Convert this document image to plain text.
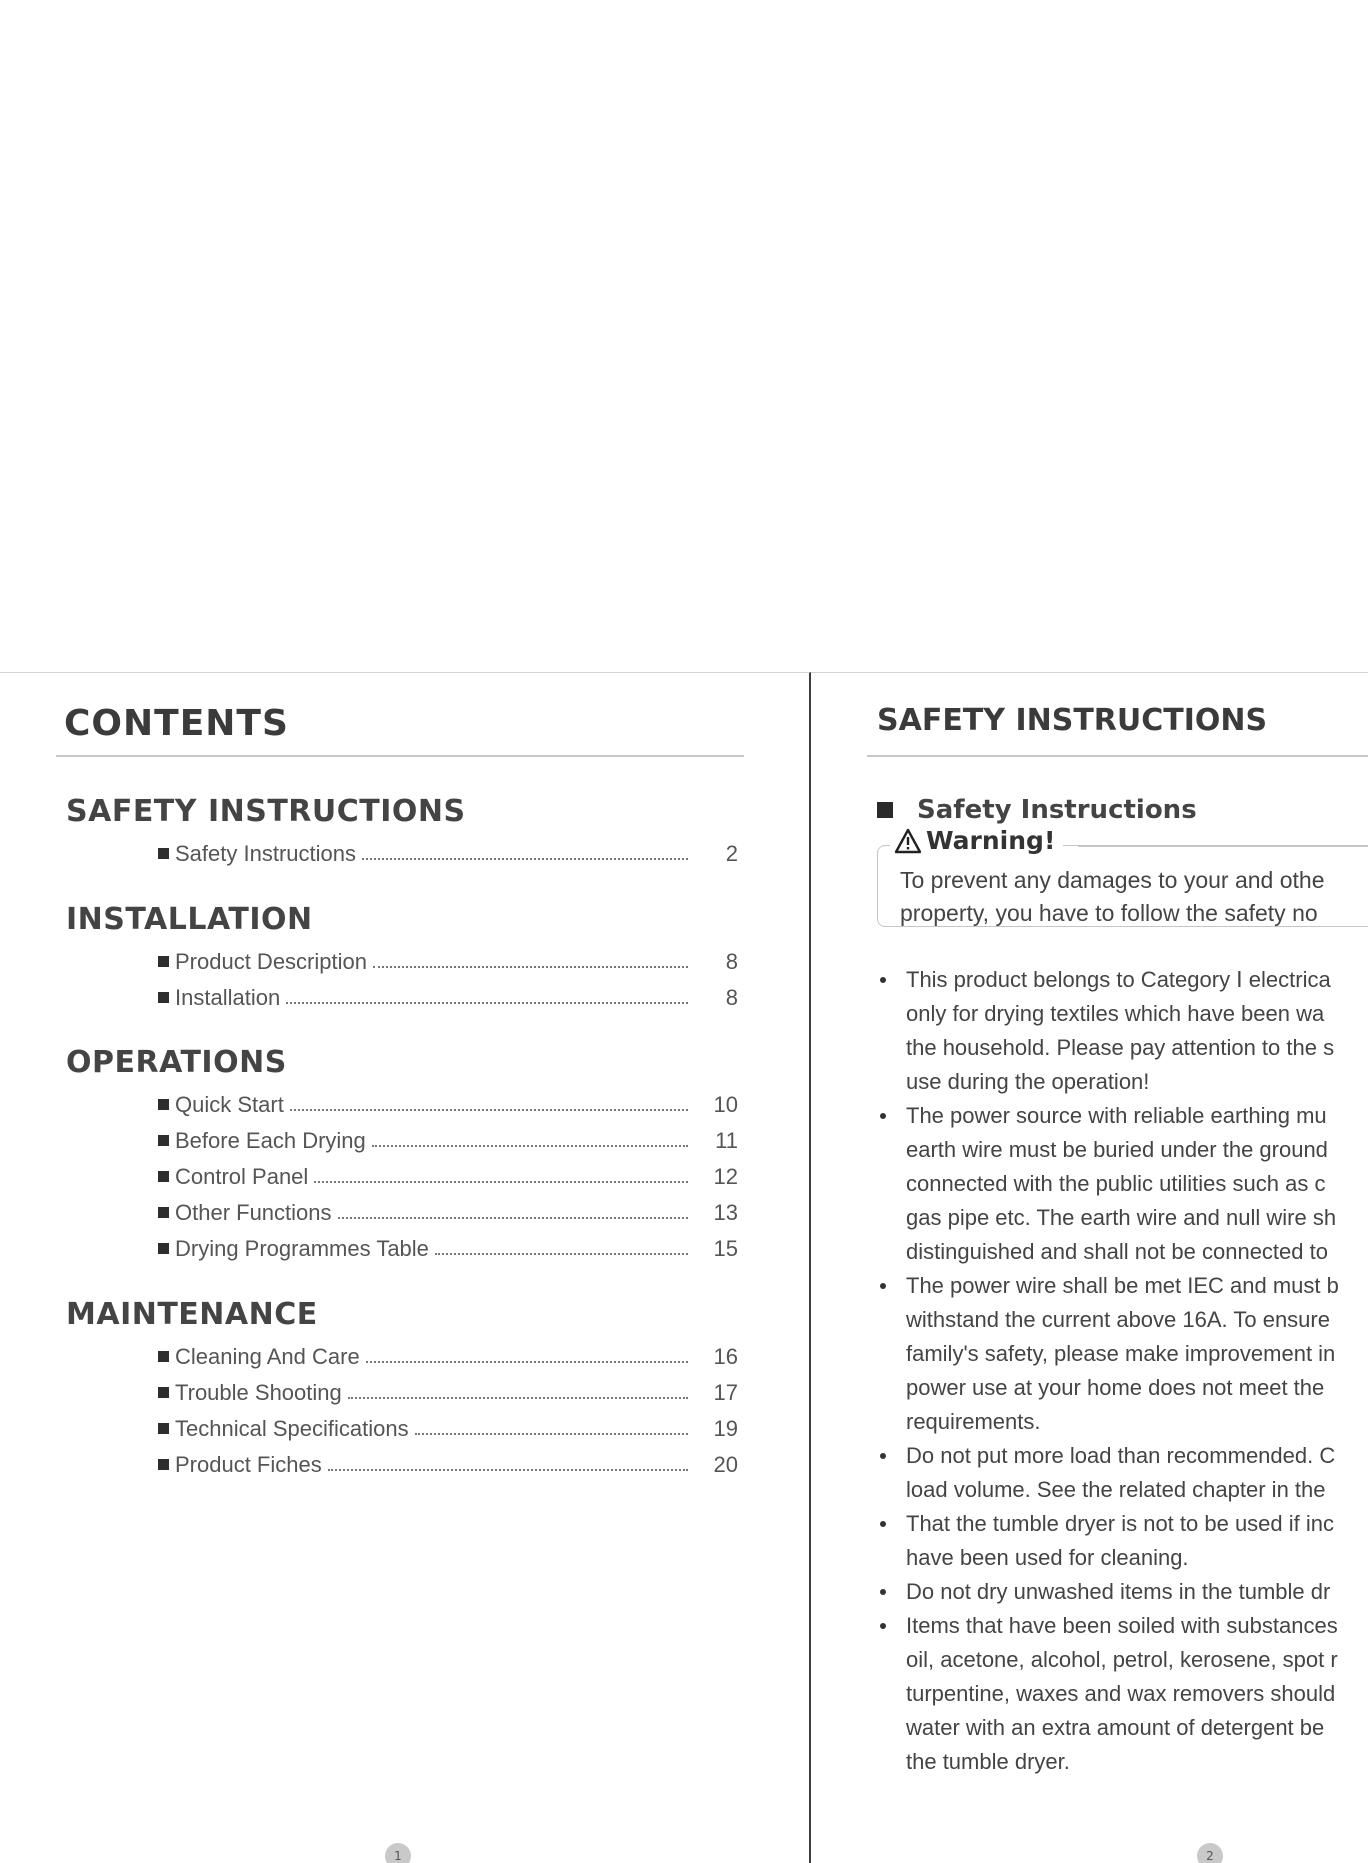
CONTENTS
SAFETY INSTRUCTIONS
Safety Instructions	2
INSTALLATION
Product Description	8
Installation	8
OPERATIONS
Quick Start	10
Before Each Drying	11
Control Panel	12
Other Functions	13
Drying Programmes Table	15
MAINTENANCE
Cleaning And Care	16
Trouble Shooting	17
Technical Specifications	19
Product Fiches	20
1
SAFETY INSTRUCTIONS
Safety Instructions
Warning!

To prevent any damages to your and othe
property, you have to follow the safety no

This product belongs to Category Ⅰ electrica
only for drying textiles which have been wa
the household. Please pay attention to the s
use during the operation!
The power source with reliable earthing mu
earth wire must be buried under the ground
connected with the public utilities such as c
gas pipe etc. The earth wire and null wire sh
distinguished and shall not be connected to
The power wire shall be met IEC and must b
withstand the current above 16A. To ensure
family's safety, please make improvement in
power use at your home does not meet the
requirements.
Do not put more load than recommended. C
load volume. See the related chapter in the
That the tumble dryer is not to be used if inc
have been used for cleaning.
Do not dry unwashed items in the tumble dr
Items that have been soiled with substances
oil, acetone, alcohol, petrol, kerosene, spot r
turpentine, waxes and wax removers should
water with an extra amount of detergent be
the tumble dryer.
2
